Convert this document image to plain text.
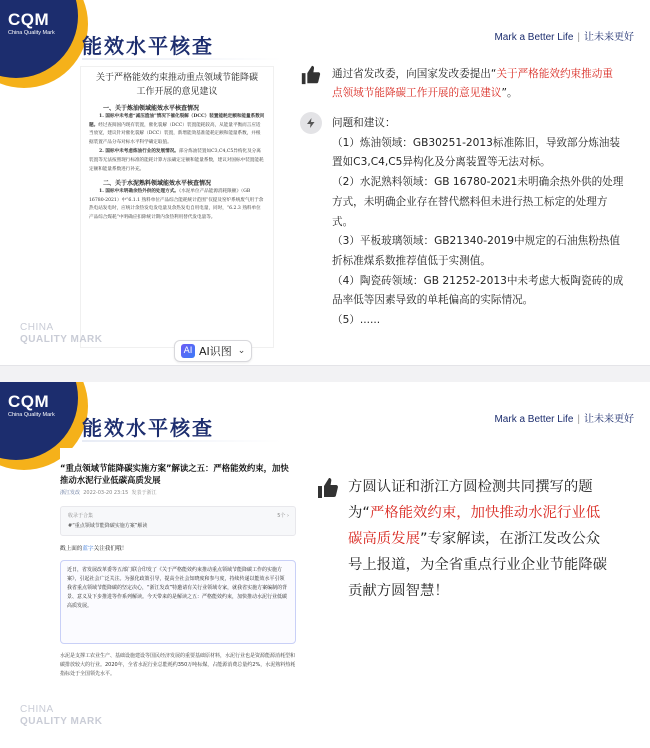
CQM
China Quality Mark
能效水平核查	Mark a Better Life | 让未来更好
关于严格能效约束推动重点领域节能降碳
工作开展的意见建议
一、关于炼油领域能效水平核查情况
1. 国标中未考虑“减压渣油”情况下催化裂解（DCC）装置能耗定额和能量系数问题。经过查阅国内现有装置，催化裂解（DCC）装置能耗较高，从能量平衡而言应适当放宽，建议针对催化裂解（DCC）装置，新增能效基准能耗定额和能量系数，并根据装置产品分布对标水平科学确定取值。
2. 国标中未考虑炼油行业的发展情况。部分炼油装置如C3,C4,C5异构化及分离装置等无法按照现行标准的能耗计算方法确定定额和能量系数，建议对国标中装置能耗定额和能量系数进行补充。
二、关于水泥熟料领域能效水平核查情况
1. 国标中未明确余热外供的处理方式。《水泥单位产品能源消耗限额》（GB 16780-2021）中“6.1.1 熟料单位产品综合能耗统计范围”仅提及窑炉系统废气用于余热电站发电时，应统计余热发电发电量及余热发电自用电量，同时，“6.2.3 熟料单位产品综合煤耗”中明确应扣除统计期内余热利用替代发电量等。
CHINA
QUALITY MARK
AI AI识图 ⌄
通过省发改委，向国家发改委提出“关于严格能效约束推动重点领域节能降碳工作开展的意见建议”。
问题和建议：
（1）炼油领域：GB30251-2013标准陈旧，导致部分炼油装置如C3,C4,C5异构化及分离装置等无法对标。
（2）水泥熟料领域：GB 16780-2021未明确余热外供的处理方式，未明确企业存在替代燃料但未进行热工标定的处理方式。
（3）平板玻璃领域：GB21340-2019中规定的石油焦粉热值折标准煤系数推荐值低于实测值。
（4）陶瓷砖领域：GB 21252-2013中未考虑大板陶瓷砖的成品率低等因素导致的单耗偏高的实际情况。
（5）......
CQM
China Quality Mark
能效水平核查	Mark a Better Life | 让未来更好
“重点领域节能降碳实施方案”解读之五：严格能效约束，加快推动水泥行业低碳高质发展
浙江发改 2022-03-20 23:15 发表于浙江
收录于合集
#“重点领域节能降碳实施方案”解读
5个 ›
戳上面的蓝字关注我们哦！
近日，省发展改革委等五部门联合印发了《关于严格能效约束推动重点领域节能降碳工作的实施方案》，引起社会广泛关注。为强化政策引导，提高全社会知晓度和参与度，持续传递以能效水平引领我省重点领域节能降碳的坚定决心，“浙江发改”特邀请有关行业领域专家，就我省实施方案编制的背景、意义及下步推进等作系列解读。今天带来的是解读之五：严格能效约束，加快推动水泥行业低碳高质发展。
水泥是支撑工农业生产、基础设施建设等国民经济发展的重要基础原材料，水泥行业也是资源能源消耗型和碳排放较大的行业。2020年，全省水泥行业总能耗约350万吨标煤，占能源消费总量约2%，水泥熟料热耗指标处于全国领先水平。
CHINA
QUALITY MARK
方圆认证和浙江方圆检测共同撰写的题为“严格能效约束，加快推动水泥行业低碳高质发展”专家解读，在浙江发改公众号上报道，为全省重点行业企业节能降碳贡献方圆智慧！
